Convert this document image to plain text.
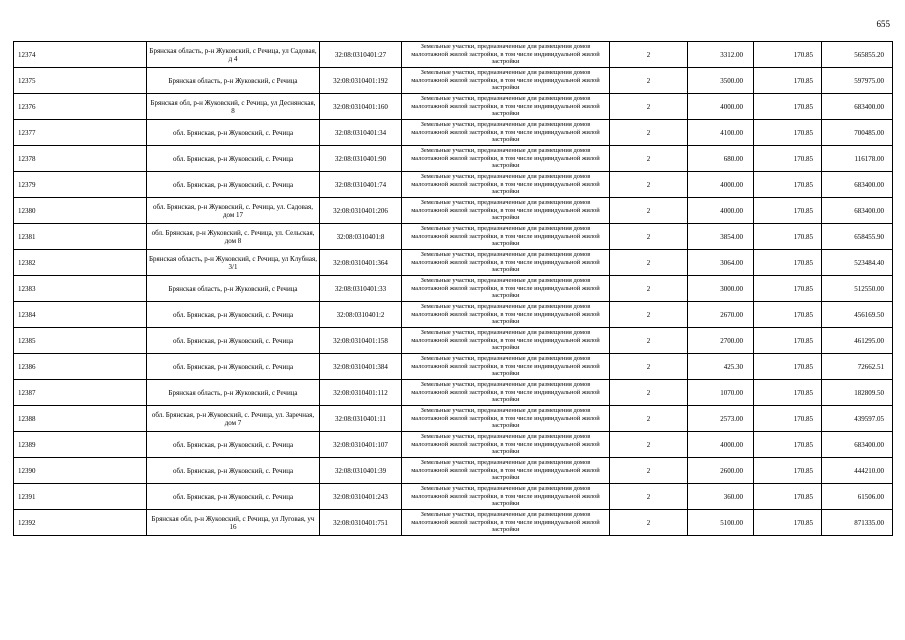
655
12374	Брянская область, р-н Жуковский, с Речица, ул Садовая, д 4	32:08:0310401:27	Земельные участки, предназначенные для размещения домов малоэтажной жилой застройки, в том числе индивидуальной жилой застройки	2	3312.00	170.85	565855.20
12375	Брянская область, р-н Жуковский, с Речица	32:08:0310401:192	Земельные участки, предназначенные для размещения домов малоэтажной жилой застройки, в том числе индивидуальной жилой застройки	2	3500.00	170.85	597975.00
12376	Брянская обл, р-н Жуковский, с Речица, ул Деснянская, 8	32:08:0310401:160	Земельные участки, предназначенные для размещения домов малоэтажной жилой застройки, в том числе индивидуальной жилой застройки	2	4000.00	170.85	683400.00
12377	обл. Брянская, р-н Жуковский, с. Речица	32:08:0310401:34	Земельные участки, предназначенные для размещения домов малоэтажной жилой застройки, в том числе индивидуальной жилой застройки	2	4100.00	170.85	700485.00
12378	обл. Брянская, р-н Жуковский, с. Речица	32:08:0310401:90	Земельные участки, предназначенные для размещения домов малоэтажной жилой застройки, в том числе индивидуальной жилой застройки	2	680.00	170.85	116178.00
12379	обл. Брянская, р-н Жуковский, с. Речица	32:08:0310401:74	Земельные участки, предназначенные для размещения домов малоэтажной жилой застройки, в том числе индивидуальной жилой застройки	2	4000.00	170.85	683400.00
12380	обл. Брянская, р-н Жуковский, с. Речица, ул. Садовая, дом 17	32:08:0310401:206	Земельные участки, предназначенные для размещения домов малоэтажной жилой застройки, в том числе индивидуальной жилой застройки	2	4000.00	170.85	683400.00
12381	обл. Брянская, р-н Жуковский, с. Речица, ул. Сельская, дом 8	32:08:0310401:8	Земельные участки, предназначенные для размещения домов малоэтажной жилой застройки, в том числе индивидуальной жилой застройки	2	3854.00	170.85	658455.90
12382	Брянская область, р-н Жуковский, с Речица, ул Клубная, 3/1	32:08:0310401:364	Земельные участки, предназначенные для размещения домов малоэтажной жилой застройки, в том числе индивидуальной жилой застройки	2	3064.00	170.85	523484.40
12383	Брянская область, р-н Жуковский, с Речица	32:08:0310401:33	Земельные участки, предназначенные для размещения домов малоэтажной жилой застройки, в том числе индивидуальной жилой застройки	2	3000.00	170.85	512550.00
12384	обл. Брянская, р-н Жуковский, с. Речица	32:08:0310401:2	Земельные участки, предназначенные для размещения домов малоэтажной жилой застройки, в том числе индивидуальной жилой застройки	2	2670.00	170.85	456169.50
12385	обл. Брянская, р-н Жуковский, с. Речица	32:08:0310401:158	Земельные участки, предназначенные для размещения домов малоэтажной жилой застройки, в том числе индивидуальной жилой застройки	2	2700.00	170.85	461295.00
12386	обл. Брянская, р-н Жуковский, с. Речица	32:08:0310401:384	Земельные участки, предназначенные для размещения домов малоэтажной жилой застройки, в том числе индивидуальной жилой застройки	2	425.30	170.85	72662.51
12387	Брянская область, р-н Жуковский, с Речица	32:08:0310401:112	Земельные участки, предназначенные для размещения домов малоэтажной жилой застройки, в том числе индивидуальной жилой застройки	2	1070.00	170.85	182809.50
12388	обл. Брянская, р-н Жуковский, с. Речица, ул. Заречная, дом 7	32:08:0310401:11	Земельные участки, предназначенные для размещения домов малоэтажной жилой застройки, в том числе индивидуальной жилой застройки	2	2573.00	170.85	439597.05
12389	обл. Брянская, р-н Жуковский, с. Речица	32:08:0310401:107	Земельные участки, предназначенные для размещения домов малоэтажной жилой застройки, в том числе индивидуальной жилой застройки	2	4000.00	170.85	683400.00
12390	обл. Брянская, р-н Жуковский, с. Речица	32:08:0310401:39	Земельные участки, предназначенные для размещения домов малоэтажной жилой застройки, в том числе индивидуальной жилой застройки	2	2600.00	170.85	444210.00
12391	обл. Брянская, р-н Жуковский, с. Речица	32:08:0310401:243	Земельные участки, предназначенные для размещения домов малоэтажной жилой застройки, в том числе индивидуальной жилой застройки	2	360.00	170.85	61506.00
12392	Брянская обл, р-н Жуковский, с Речица, ул Луговая, уч 16	32:08:0310401:751	Земельные участки, предназначенные для размещения домов малоэтажной жилой застройки, в том числе индивидуальной жилой застройки	2	5100.00	170.85	871335.00
